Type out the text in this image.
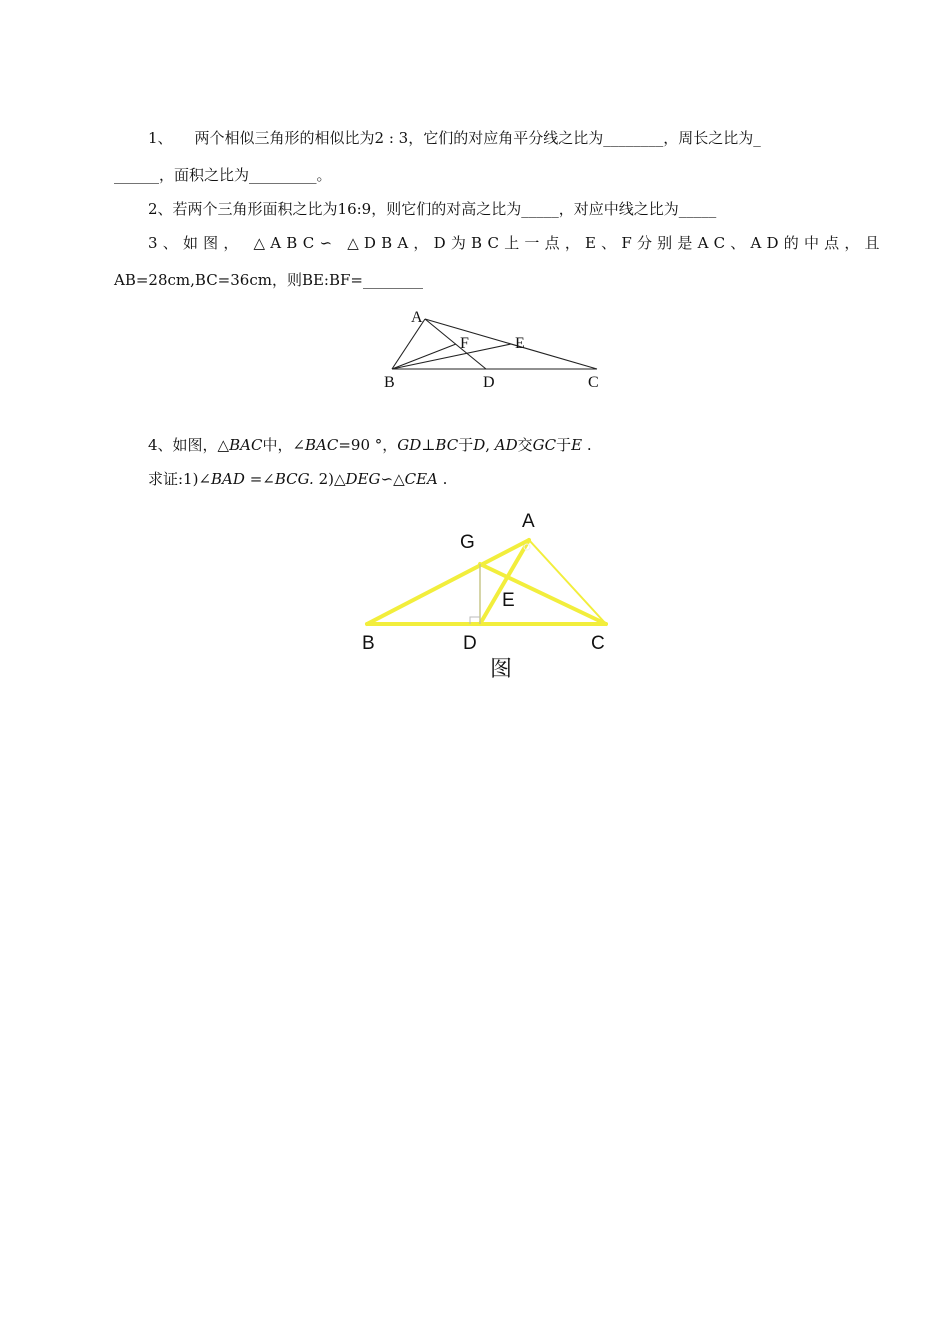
1、 两个相似三角形的相似比为2 : 3，它们的对应角平分线之比为________，周长之比为_
______，面积之比为_________。
2、若两个三角形面积之比为16:9，则它们的对高之比为_____，对应中线之比为_____
3、如图， △ABC∽ △DBA，D为BC上一点，E、F分别是AC、AD的中点，且
AB=28cm,BC=36cm，则BE:BF=________
A
F	E
B	D	C
4、如图，△BAC中，∠BAC=90 °，GD⊥BC于D, AD交GC于E .
求证:1)∠BAD =∠BCG. 2)△DEG∽△CEA .
A
G
E
B	D	C
图
